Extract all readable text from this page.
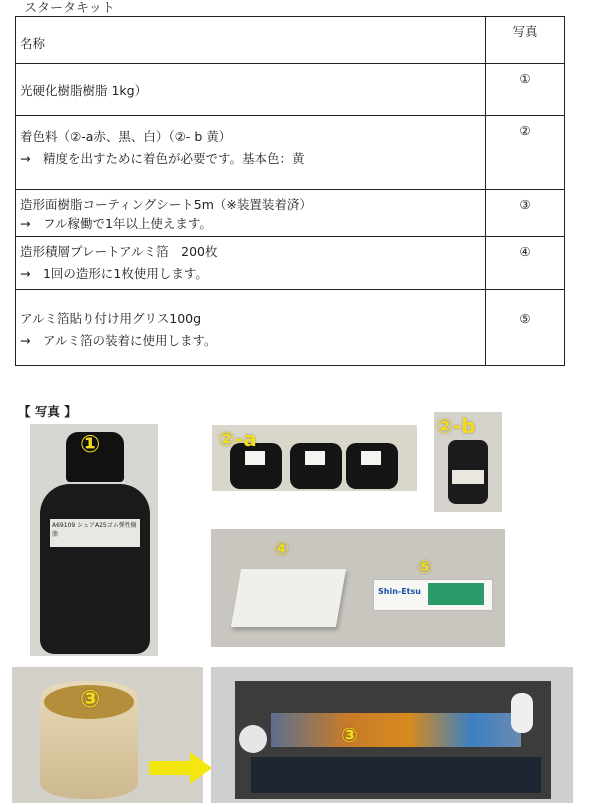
スタータキット
名称	写真

光硬化樹脂樹脂 1kg）	①

着色料（②-a赤、黒、白）（②- b 黄）
→　精度を出すために着色が必要です。基本色：黄	②

造形面樹脂コーティングシート5m（※装置装着済）
→　フル稼働で1年以上使えます。	③

造形積層プレートアルミ箔　200枚
→　1回の造形に1枚使用します。	④

アルミ箔貼り付け用グリス100g
→　アルミ箔の装着に使用します。	⑤
【 写真 】
A69109 シュアA25ゴム弾性樹脂
①	②-a
②-b
Shin-Etsu
④
⑤
③
③
